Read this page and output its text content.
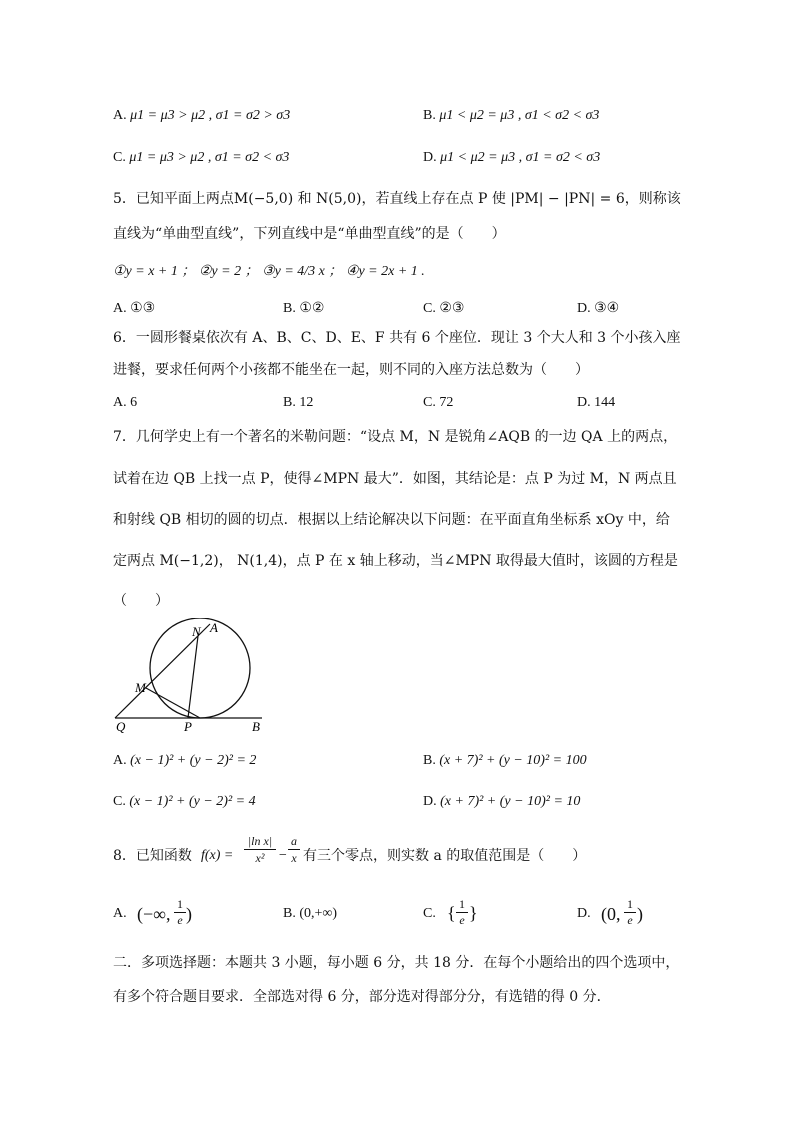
A. μ1 = μ3 > μ2 , σ1 = σ2 > σ3	B. μ1 < μ2 = μ3 , σ1 < σ2 < σ3
C. μ1 = μ3 > μ2 , σ1 = σ2 < σ3	D. μ1 < μ2 = μ3 , σ1 = σ2 < σ3
5．已知平面上两点M(−5,0) 和 N(5,0)，若直线上存在点 P 使 |PM| − |PN| = 6，则称该
直线为“单曲型直线”，下列直线中是“单曲型直线”的是（　　）
①y = x + 1 ； ②y = 2 ； ③y = 4/3 x ； ④y = 2x + 1 .
A. ①③	B. ①②	C. ②③	D. ③④
6．一圆形餐桌依次有 A、B、C、D、E、F 共有 6 个座位．现让 3 个大人和 3 个小孩入座
进餐，要求任何两个小孩都不能坐在一起，则不同的入座方法总数为（　　）
A. 6	B. 12	C. 72	D. 144
7．几何学史上有一个著名的米勒问题：“设点 M，N 是锐角∠AQB 的一边 QA 上的两点，
试着在边 QB 上找一点 P，使得∠MPN 最大”．如图，其结论是：点 P 为过 M，N 两点且
和射线 QB 相切的圆的切点．根据以上结论解决以下问题：在平面直角坐标系 xOy 中，给
定两点 M(−1,2)， N(1,4)，点 P 在 x 轴上移动，当∠MPN 取得最大值时，该圆的方程是
（　　）
N A
M
Q	P	B
A. (x − 1)² + (y − 2)² = 2	B. (x + 7)² + (y − 10)² = 100
C. (x − 1)² + (y − 2)² = 4	D. (x + 7)² + (y − 10)² = 10
8．已知函数 f(x) =
|ln x|
x² −
a
x 有三个零点，则实数 a 的取值范围是（　　）
A. (−∞, 1
e )	B. (0,+∞)	C. { 1
e }	D. (0, 1
e )
二．多项选择题：本题共 3 小题，每小题 6 分，共 18 分．在每个小题给出的四个选项中，
有多个符合题目要求．全部选对得 6 分，部分选对得部分分，有选错的得 0 分．
